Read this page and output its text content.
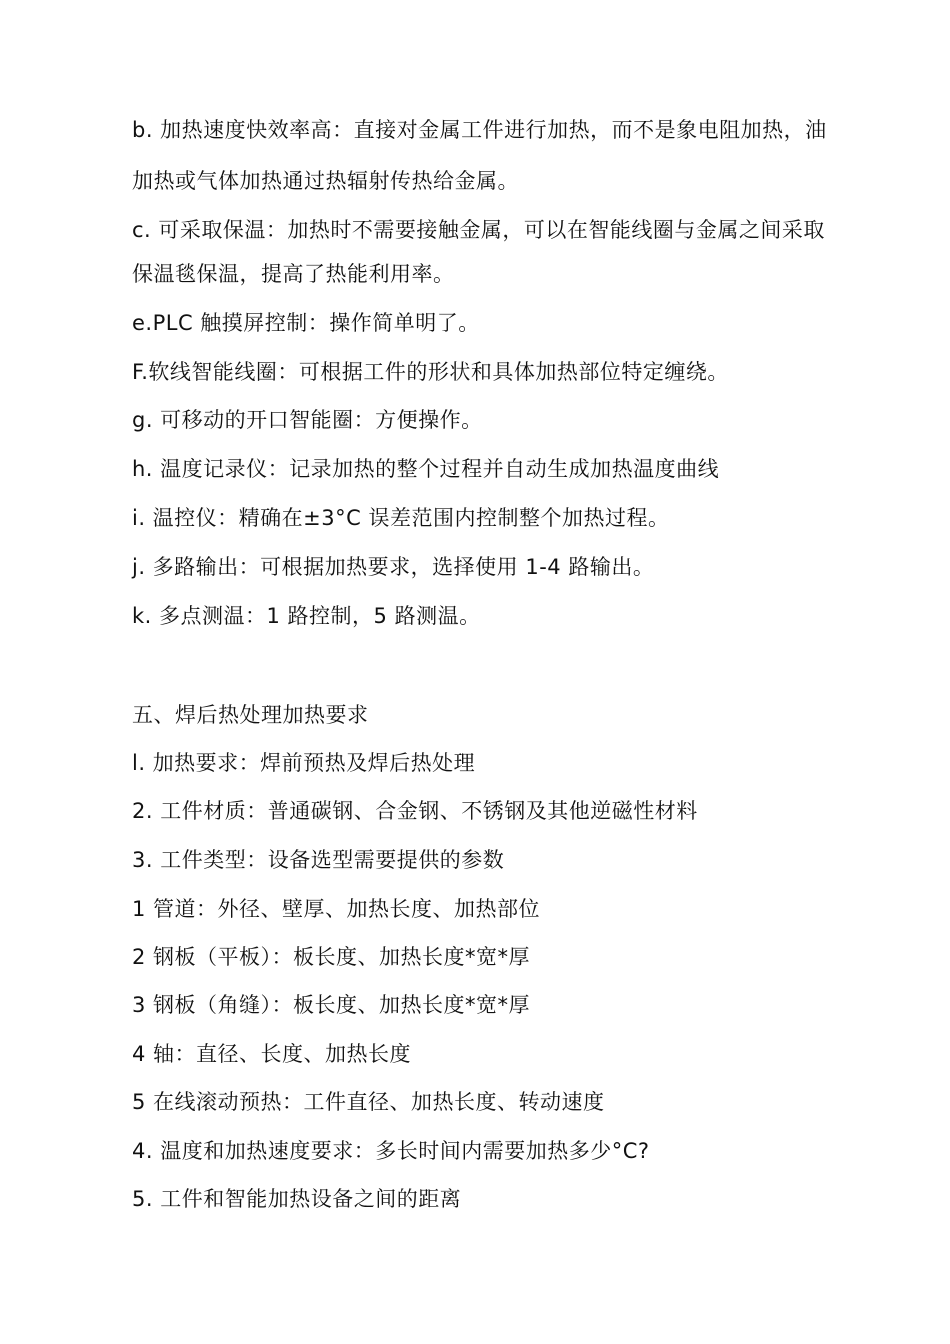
b. 加热速度快效率高：直接对金属工件进行加热，而不是象电阻加热，油
加热或气体加热通过热辐射传热给金属。
c. 可采取保温：加热时不需要接触金属，可以在智能线圈与金属之间采取
保温毯保温，提高了热能利用率。
e.PLC 触摸屏控制：操作简单明了。
F.软线智能线圈：可根据工件的形状和具体加热部位特定缠绕。
g. 可移动的开口智能圈：方便操作。
h. 温度记录仪：记录加热的整个过程并自动生成加热温度曲线
i. 温控仪：精确在±3°C 误差范围内控制整个加热过程。
j. 多路输出：可根据加热要求，选择使用 1-4 路输出。
k. 多点测温：1 路控制，5 路测温。
五、焊后热处理加热要求
l. 加热要求：焊前预热及焊后热处理
2. 工件材质：普通碳钢、合金钢、不锈钢及其他逆磁性材料
3. 工件类型：设备选型需要提供的参数
1 管道：外径、壁厚、加热长度、加热部位
2 钢板（平板）：板长度、加热长度*宽*厚
3 钢板（角缝）：板长度、加热长度*宽*厚
4 轴：直径、长度、加热长度
5 在线滚动预热：工件直径、加热长度、转动速度
4. 温度和加热速度要求：多长时间内需要加热多少°C?
5. 工件和智能加热设备之间的距离
